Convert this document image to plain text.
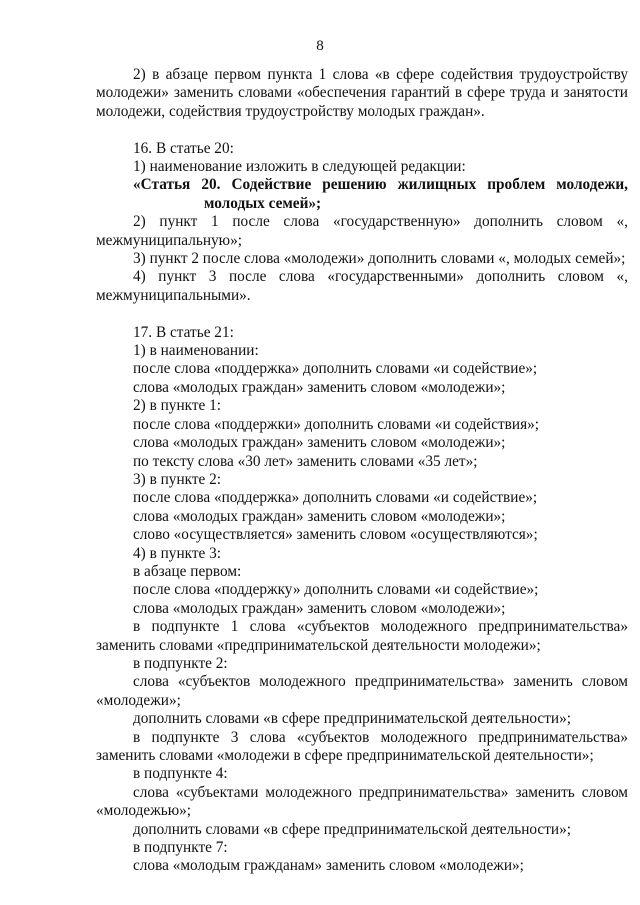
8

2) в абзаце первом пункта 1 слова «в сфере содействия трудоустройству молодежи» заменить словами «обеспечения гарантий в сфере труда и занятости молодежи, содействия трудоустройству молодых граждан».

16. В статье 20:

1) наименование изложить в следующей редакции:

«Статья 20. Содействие решению жилищных проблем молодежи,

молодых семей»;

2) пункт 1 после слова «государственную» дополнить словом «, межмуниципальную»;

3) пункт 2 после слова «молодежи» дополнить словами «, молодых семей»;

4) пункт 3 после слова «государственными» дополнить словом «, межмуниципальными».

17. В статье 21:

1) в наименовании:

после слова «поддержка» дополнить словами «и содействие»;

слова «молодых граждан» заменить словом «молодежи»;

2) в пункте 1:

после слова «поддержки» дополнить словами «и содействия»;

слова «молодых граждан» заменить словом «молодежи»;

по тексту слова «30 лет» заменить словами «35 лет»;

3) в пункте 2:

после слова «поддержка» дополнить словами «и содействие»;

слова «молодых граждан» заменить словом «молодежи»;

слово «осуществляется» заменить словом «осуществляются»;

4) в пункте 3:

в абзаце первом:

после слова «поддержку» дополнить словами «и содействие»;

слова «молодых граждан» заменить словом «молодежи»;

в подпункте 1 слова «субъектов молодежного предпринимательства» заменить словами «предпринимательской деятельности молодежи»;

в подпункте 2:

слова «субъектов молодежного предпринимательства» заменить словом «молодежи»;

дополнить словами «в сфере предпринимательской деятельности»;

в подпункте 3 слова «субъектов молодежного предпринимательства» заменить словами «молодежи в сфере предпринимательской деятельности»;

в подпункте 4:

слова «субъектами молодежного предпринимательства» заменить словом «молодежью»;

дополнить словами «в сфере предпринимательской деятельности»;

в подпункте 7:

слова «молодым гражданам» заменить словом «молодежи»;
